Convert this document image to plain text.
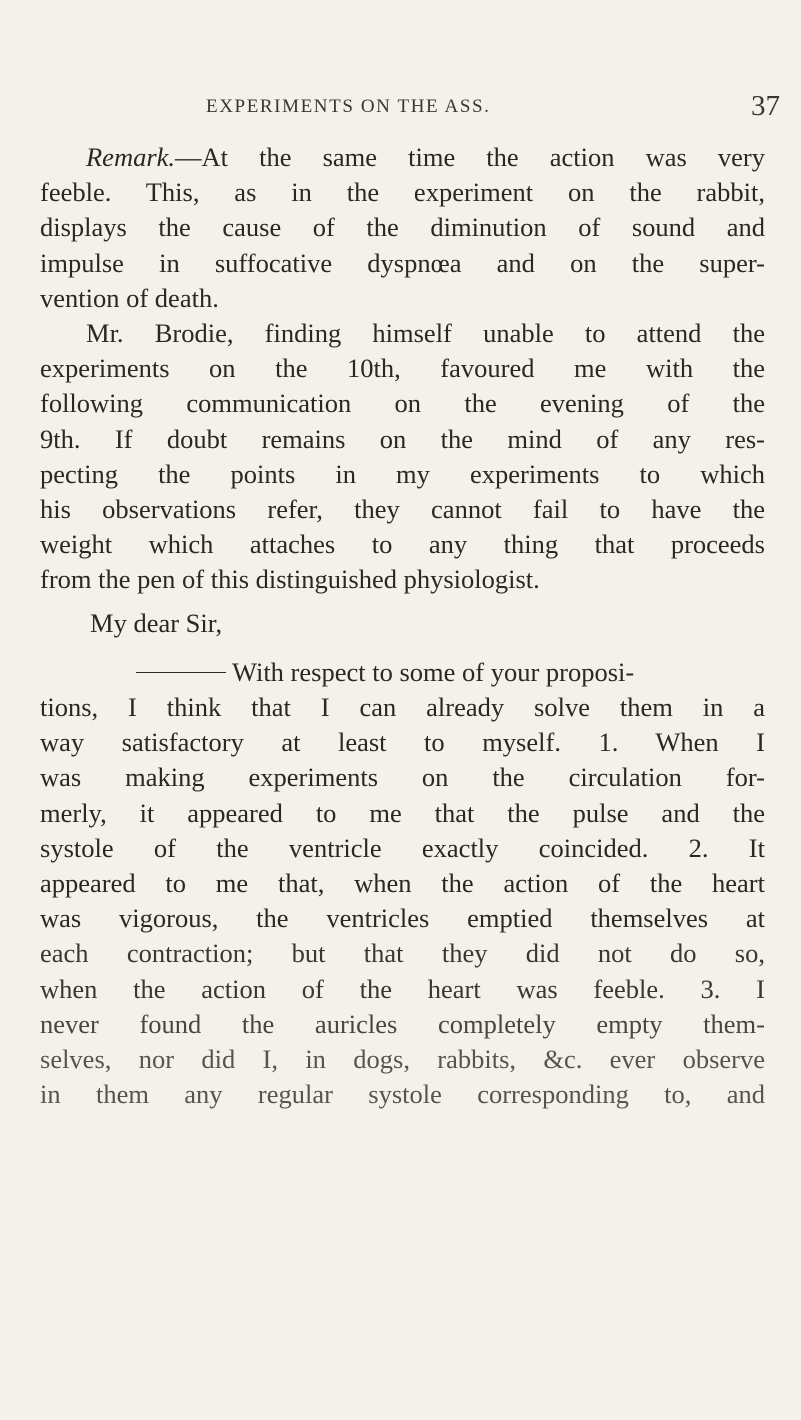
EXPERIMENTS ON THE ASS.	37
Remark.—At the same time the action was very
feeble. This, as in the experiment on the rabbit,
displays the cause of the diminution of sound and
impulse in suffocative dyspnœa and on the super-
vention of death.
Mr. Brodie, finding himself unable to attend the
experiments on the 10th, favoured me with the
following communication on the evening of the
9th. If doubt remains on the mind of any res-
pecting the points in my experiments to which
his observations refer, they cannot fail to have the
weight which attaches to any thing that proceeds
from the pen of this distinguished physiologist.
My dear Sir,
With respect to some of your proposi-
tions, I think that I can already solve them in a
way satisfactory at least to myself. 1. When I
was making experiments on the circulation for-
merly, it appeared to me that the pulse and the
systole of the ventricle exactly coincided. 2. It
appeared to me that, when the action of the heart
was vigorous, the ventricles emptied themselves at
each contraction; but that they did not do so,
when the action of the heart was feeble. 3. I
never found the auricles completely empty them-
selves, nor did I, in dogs, rabbits, &c. ever observe
in them any regular systole corresponding to, and
